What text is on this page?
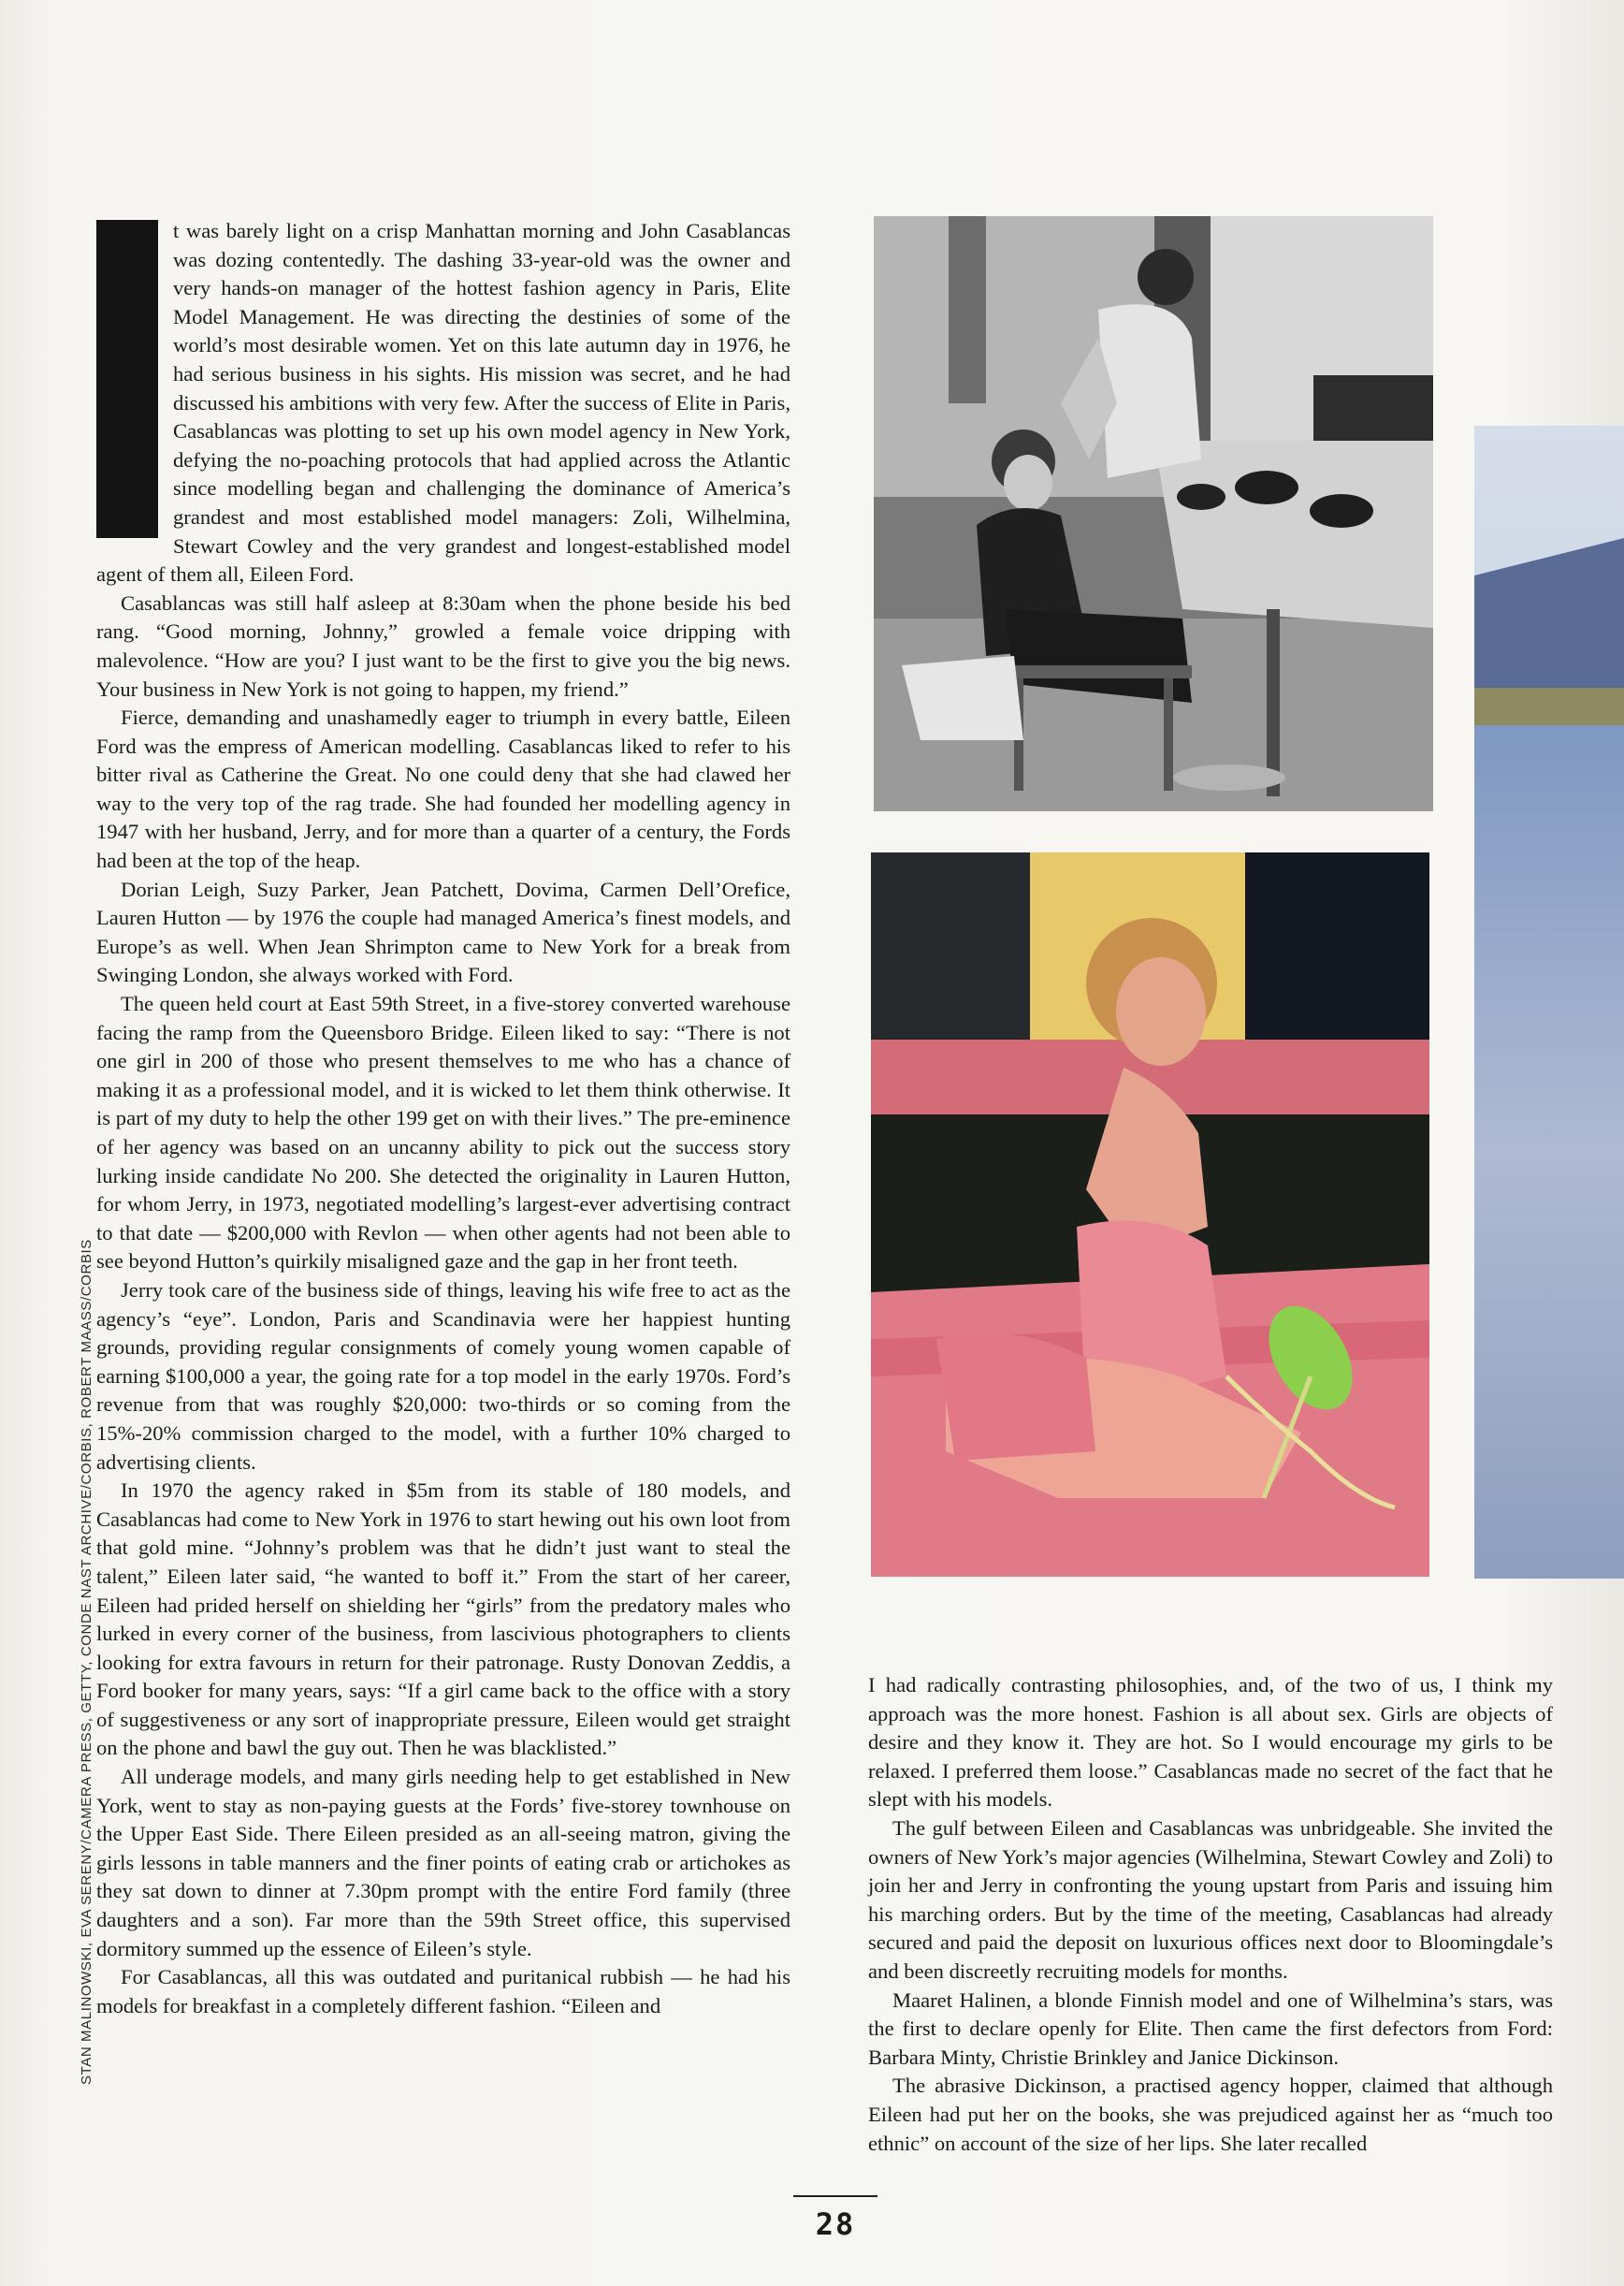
t was barely light on a crisp Manhattan morning and John Casablancas was dozing contentedly. The dashing 33-year-old was the owner and very hands-on manager of the hottest fashion agency in Paris, Elite Model Management. He was directing the destinies of some of the world’s most desirable women. Yet on this late autumn day in 1976, he had serious business in his sights. His mission was secret, and he had discussed his ambitions with very few. After the success of Elite in Paris, Casablancas was plotting to set up his own model agency in New York, defying the no-poaching protocols that had applied across the Atlantic since modelling began and challenging the dominance of America’s grandest and most established model managers: Zoli, Wilhelmina, Stewart Cowley and the very grandest and longest-established model agent of them all, Eileen Ford.

Casablancas was still half asleep at 8:30am when the phone beside his bed rang. “Good morning, Johnny,” growled a female voice dripping with malevolence. “How are you? I just want to be the first to give you the big news. Your business in New York is not going to happen, my friend.”

Fierce, demanding and unashamedly eager to triumph in every battle, Eileen Ford was the empress of American modelling. Casablancas liked to refer to his bitter rival as Catherine the Great. No one could deny that she had clawed her way to the very top of the rag trade. She had founded her modelling agency in 1947 with her husband, Jerry, and for more than a quarter of a century, the Fords had been at the top of the heap.

Dorian Leigh, Suzy Parker, Jean Patchett, Dovima, Carmen Dell’Orefice, Lauren Hutton — by 1976 the couple had managed America’s finest models, and Europe’s as well. When Jean Shrimpton came to New York for a break from Swinging London, she always worked with Ford.

The queen held court at East 59th Street, in a five-storey converted warehouse facing the ramp from the Queensboro Bridge. Eileen liked to say: “There is not one girl in 200 of those who present themselves to me who has a chance of making it as a professional model, and it is wicked to let them think otherwise. It is part of my duty to help the other 199 get on with their lives.” The pre-eminence of her agency was based on an uncanny ability to pick out the success story lurking inside candidate No 200. She detected the originality in Lauren Hutton, for whom Jerry, in 1973, negotiated modelling’s largest-ever advertising contract to that date — $200,000 with Revlon — when other agents had not been able to see beyond Hutton’s quirkily misaligned gaze and the gap in her front teeth.

Jerry took care of the business side of things, leaving his wife free to act as the agency’s “eye”. London, Paris and Scandinavia were her happiest hunting grounds, providing regular consignments of comely young women capable of earning $100,000 a year, the going rate for a top model in the early 1970s. Ford’s revenue from that was roughly $20,000: two-thirds or so coming from the 15%-20% commission charged to the model, with a further 10% charged to advertising clients.

In 1970 the agency raked in $5m from its stable of 180 models, and Casablancas had come to New York in 1976 to start hewing out his own loot from that gold mine. “Johnny’s problem was that he didn’t just want to steal the talent,” Eileen later said, “he wanted to boff it.” From the start of her career, Eileen had prided herself on shielding her “girls” from the predatory males who lurked in every corner of the business, from lascivious photographers to clients looking for extra favours in return for their patronage. Rusty Donovan Zeddis, a Ford booker for many years, says: “If a girl came back to the office with a story of suggestiveness or any sort of inappropriate pressure, Eileen would get straight on the phone and bawl the guy out. Then he was blacklisted.”

All underage models, and many girls needing help to get established in New York, went to stay as non-paying guests at the Fords’ five-storey townhouse on the Upper East Side. There Eileen presided as an all-seeing matron, giving the girls lessons in table manners and the finer points of eating crab or artichokes as they sat down to dinner at 7.30pm prompt with the entire Ford family (three daughters and a son). Far more than the 59th Street office, this supervised dormitory summed up the essence of Eileen’s style.

For Casablancas, all this was outdated and puritanical rubbish — he had his models for breakfast in a completely different fashion. “Eileen and

STAN MALINOWSKI, EVA SERENY/CAMERA PRESS, GETTY, CONDE NAST ARCHIVE/CORBIS, ROBERT MAASS/CORBIS	I had radically contrasting philosophies, and, of the two of us, I think my approach was the more honest. Fashion is all about sex. Girls are objects of desire and they know it. They are hot. So I would encourage my girls to be relaxed. I preferred them loose.” Casablancas made no secret of the fact that he slept with his models.

The gulf between Eileen and Casablancas was unbridgeable. She invited the owners of New York’s major agencies (Wilhelmina, Stewart Cowley and Zoli) to join her and Jerry in confronting the young upstart from Paris and issuing him his marching orders. But by the time of the meeting, Casablancas had already secured and paid the deposit on luxurious offices next door to Bloomingdale’s and been discreetly recruiting models for months.

Maaret Halinen, a blonde Finnish model and one of Wilhelmina’s stars, was the first to declare openly for Elite. Then came the first defectors from Ford: Barbara Minty, Christie Brinkley and Janice Dickinson.

The abrasive Dickinson, a practised agency hopper, claimed that although Eileen had put her on the books, she was prejudiced against her as “much too ethnic” on account of the size of her lips. She later recalled

28
